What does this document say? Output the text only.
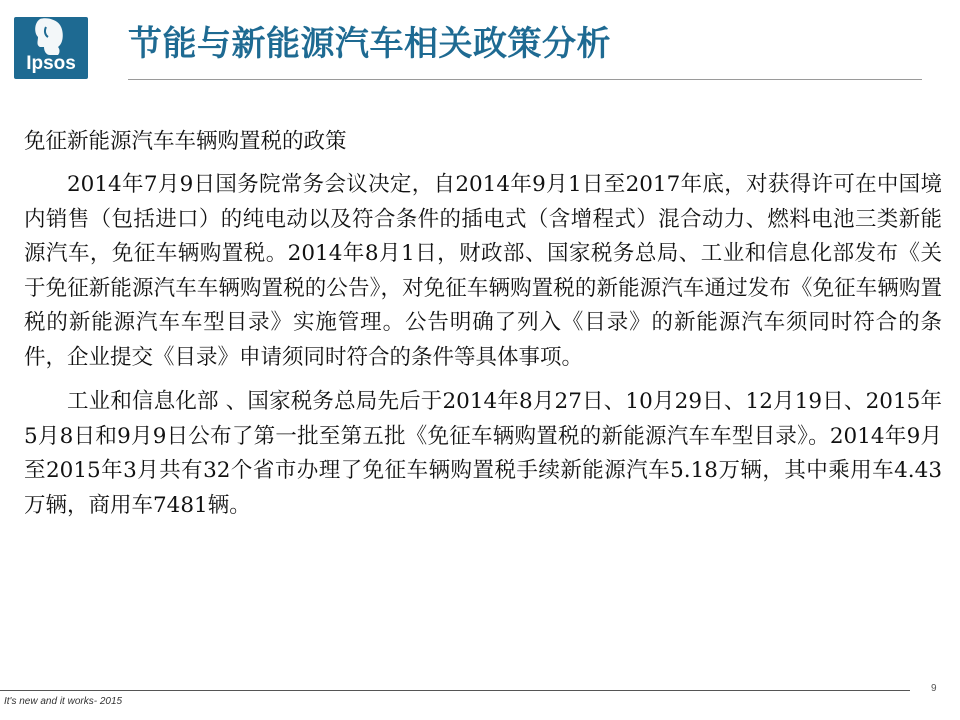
Ipsos	节能与新能源汽车相关政策分析
免征新能源汽车车辆购置税的政策

2014年7月9日国务院常务会议决定，自2014年9月1日至2017年底，对获得许可在中国境内销售（包括进口）的纯电动以及符合条件的插电式（含增程式）混合动力、燃料电池三类新能源汽车，免征车辆购置税。2014年8月1日，财政部、国家税务总局、工业和信息化部发布《关于免征新能源汽车车辆购置税的公告》，对免征车辆购置税的新能源汽车通过发布《免征车辆购置税的新能源汽车车型目录》实施管理。公告明确了列入《目录》的新能源汽车须同时符合的条件，企业提交《目录》申请须同时符合的条件等具体事项。

工业和信息化部 、国家税务总局先后于2014年8月27日、10月29日、12月19日、2015年5月8日和9月9日公布了第一批至第五批《免征车辆购置税的新能源汽车车型目录》。2014年9月至2015年3月共有32个省市办理了免征车辆购置税手续新能源汽车5.18万辆，其中乘用车4.43万辆，商用车7481辆。

It's new and it works- 2015
9
